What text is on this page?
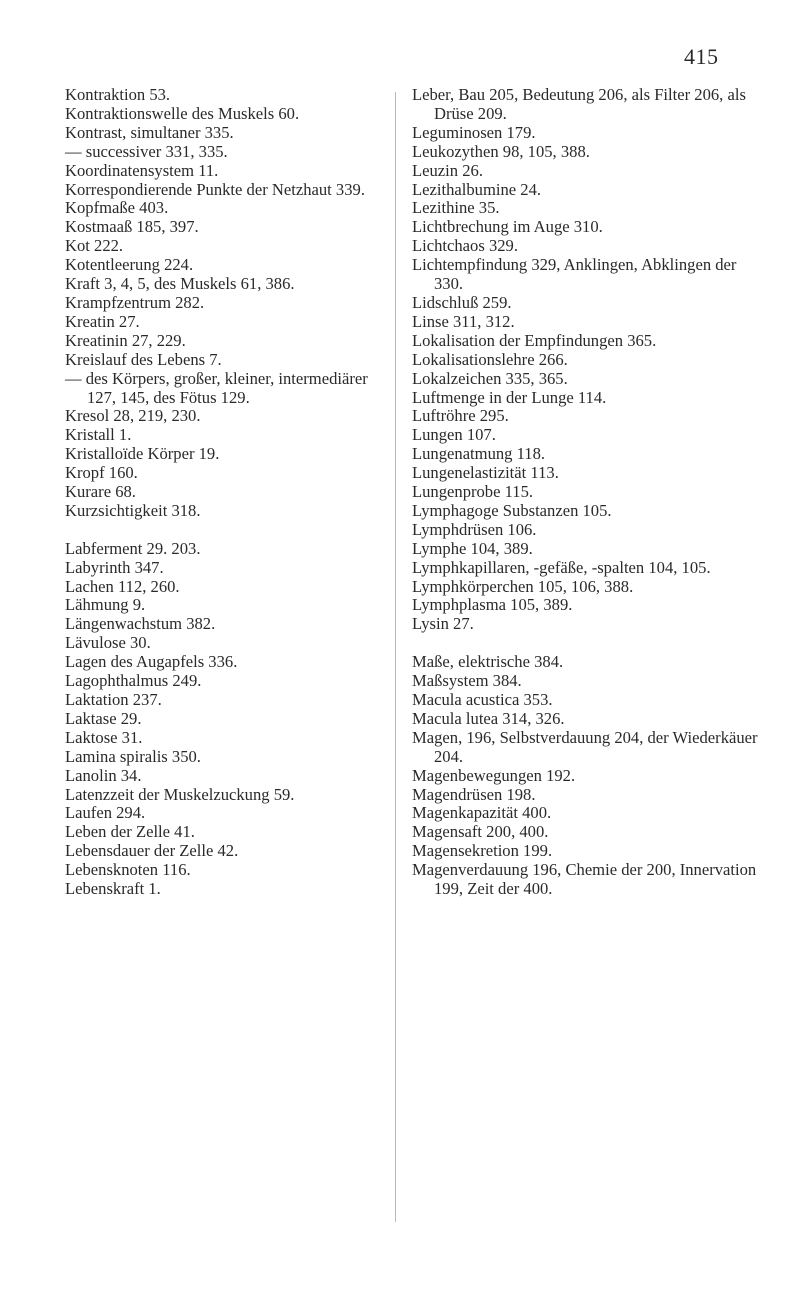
415
Kontraktion 53.
Kontraktionswelle des Muskels 60.
Kontrast, simultaner 335.
— successiver 331, 335.
Koordinatensystem 11.
Korrespondierende Punkte der Netzhaut 339.
Kopfmaße 403.
Kostmaaß 185, 397.
Kot 222.
Kotentleerung 224.
Kraft 3, 4, 5, des Muskels 61, 386.
Krampfzentrum 282.
Kreatin 27.
Kreatinin 27, 229.
Kreislauf des Lebens 7.
— des Körpers, großer, kleiner, intermediärer 127, 145, des Fötus 129.
Kresol 28, 219, 230.
Kristall 1.
Kristalloïde Körper 19.
Kropf 160.
Kurare 68.
Kurzsichtigkeit 318.
Labferment 29. 203.
Labyrinth 347.
Lachen 112, 260.
Lähmung 9.
Längenwachstum 382.
Lävulose 30.
Lagen des Augapfels 336.
Lagophthalmus 249.
Laktation 237.
Laktase 29.
Laktose 31.
Lamina spiralis 350.
Lanolin 34.
Latenzzeit der Muskelzuckung 59.
Laufen 294.
Leben der Zelle 41.
Lebensdauer der Zelle 42.
Lebensknoten 116.
Lebenskraft 1.
Leber, Bau 205, Bedeutung 206, als Filter 206, als Drüse 209.
Leguminosen 179.
Leukozythen 98, 105, 388.
Leuzin 26.
Lezithalbumine 24.
Lezithine 35.
Lichtbrechung im Auge 310.
Lichtchaos 329.
Lichtempfindung 329, Anklingen, Abklingen der 330.
Lidschluß 259.
Linse 311, 312.
Lokalisation der Empfindungen 365.
Lokalisationslehre 266.
Lokalzeichen 335, 365.
Luftmenge in der Lunge 114.
Luftröhre 295.
Lungen 107.
Lungenatmung 118.
Lungenelastizität 113.
Lungenprobe 115.
Lymphagoge Substanzen 105.
Lymphdrüsen 106.
Lymphe 104, 389.
Lymphkapillaren, -gefäße, -spalten 104, 105.
Lymphkörperchen 105, 106, 388.
Lymphplasma 105, 389.
Lysin 27.
Maße, elektrische 384.
Maßsystem 384.
Macula acustica 353.
Macula lutea 314, 326.
Magen, 196, Selbstverdauung 204, der Wiederkäuer 204.
Magenbewegungen 192.
Magendrüsen 198.
Magenkapazität 400.
Magensaft 200, 400.
Magensekretion 199.
Magenverdauung 196, Chemie der 200, Innervation 199, Zeit der 400.
